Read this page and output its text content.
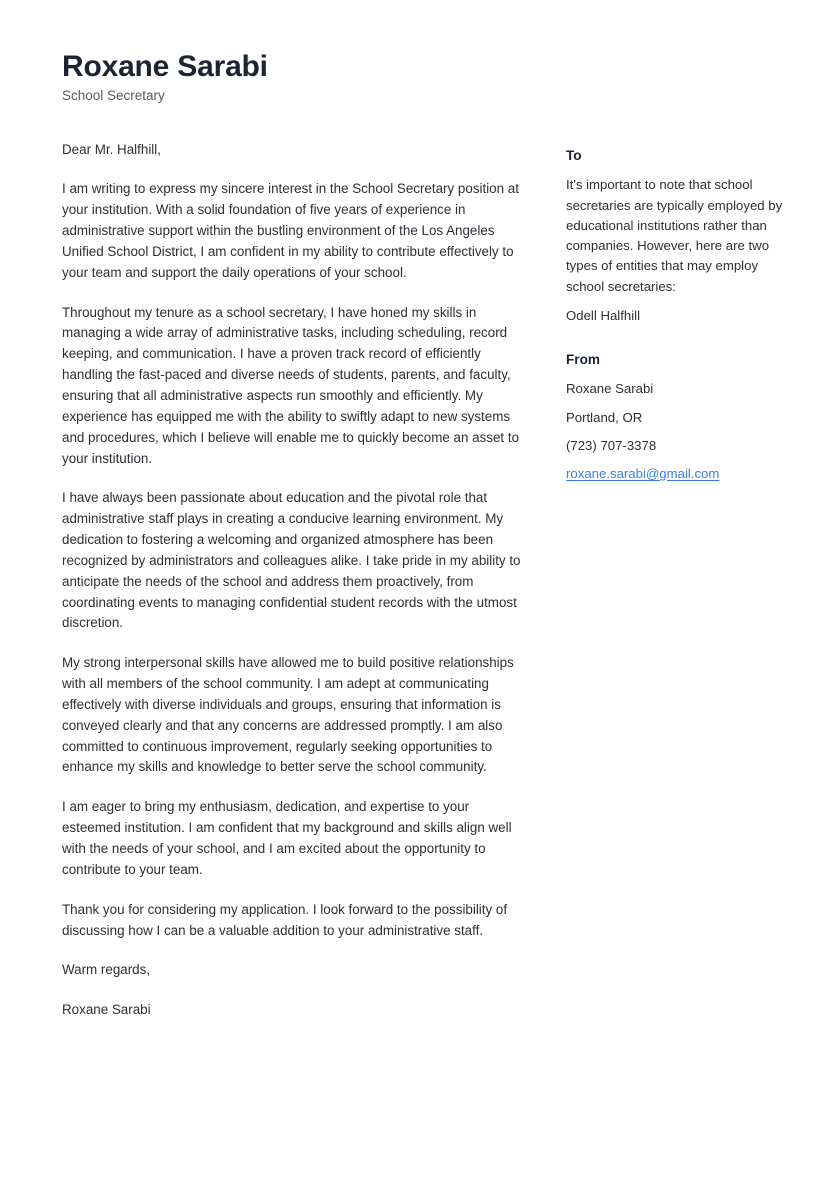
Roxane Sarabi

School Secretary

Dear Mr. Halfhill,

I am writing to express my sincere interest in the School Secretary position at your institution. With a solid foundation of five years of experience in administrative support within the bustling environment of the Los Angeles Unified School District, I am confident in my ability to contribute effectively to your team and support the daily operations of your school.

Throughout my tenure as a school secretary, I have honed my skills in managing a wide array of administrative tasks, including scheduling, record keeping, and communication. I have a proven track record of efficiently handling the fast-paced and diverse needs of students, parents, and faculty, ensuring that all administrative aspects run smoothly and efficiently. My experience has equipped me with the ability to swiftly adapt to new systems and procedures, which I believe will enable me to quickly become an asset to your institution.

I have always been passionate about education and the pivotal role that administrative staff plays in creating a conducive learning environment. My dedication to fostering a welcoming and organized atmosphere has been recognized by administrators and colleagues alike. I take pride in my ability to anticipate the needs of the school and address them proactively, from coordinating events to managing confidential student records with the utmost discretion.

My strong interpersonal skills have allowed me to build positive relationships with all members of the school community. I am adept at communicating effectively with diverse individuals and groups, ensuring that information is conveyed clearly and that any concerns are addressed promptly. I am also committed to continuous improvement, regularly seeking opportunities to enhance my skills and knowledge to better serve the school community.

I am eager to bring my enthusiasm, dedication, and expertise to your esteemed institution. I am confident that my background and skills align well with the needs of your school, and I am excited about the opportunity to contribute to your team.

Thank you for considering my application. I look forward to the possibility of discussing how I can be a valuable addition to your administrative staff.

Warm regards,

Roxane Sarabi

To

It's important to note that school secretaries are typically employed by educational institutions rather than companies. However, here are two types of entities that may employ school secretaries:

Odell Halfhill

From

Roxane Sarabi

Portland, OR

(723) 707-3378

roxane.sarabi@gmail.com
